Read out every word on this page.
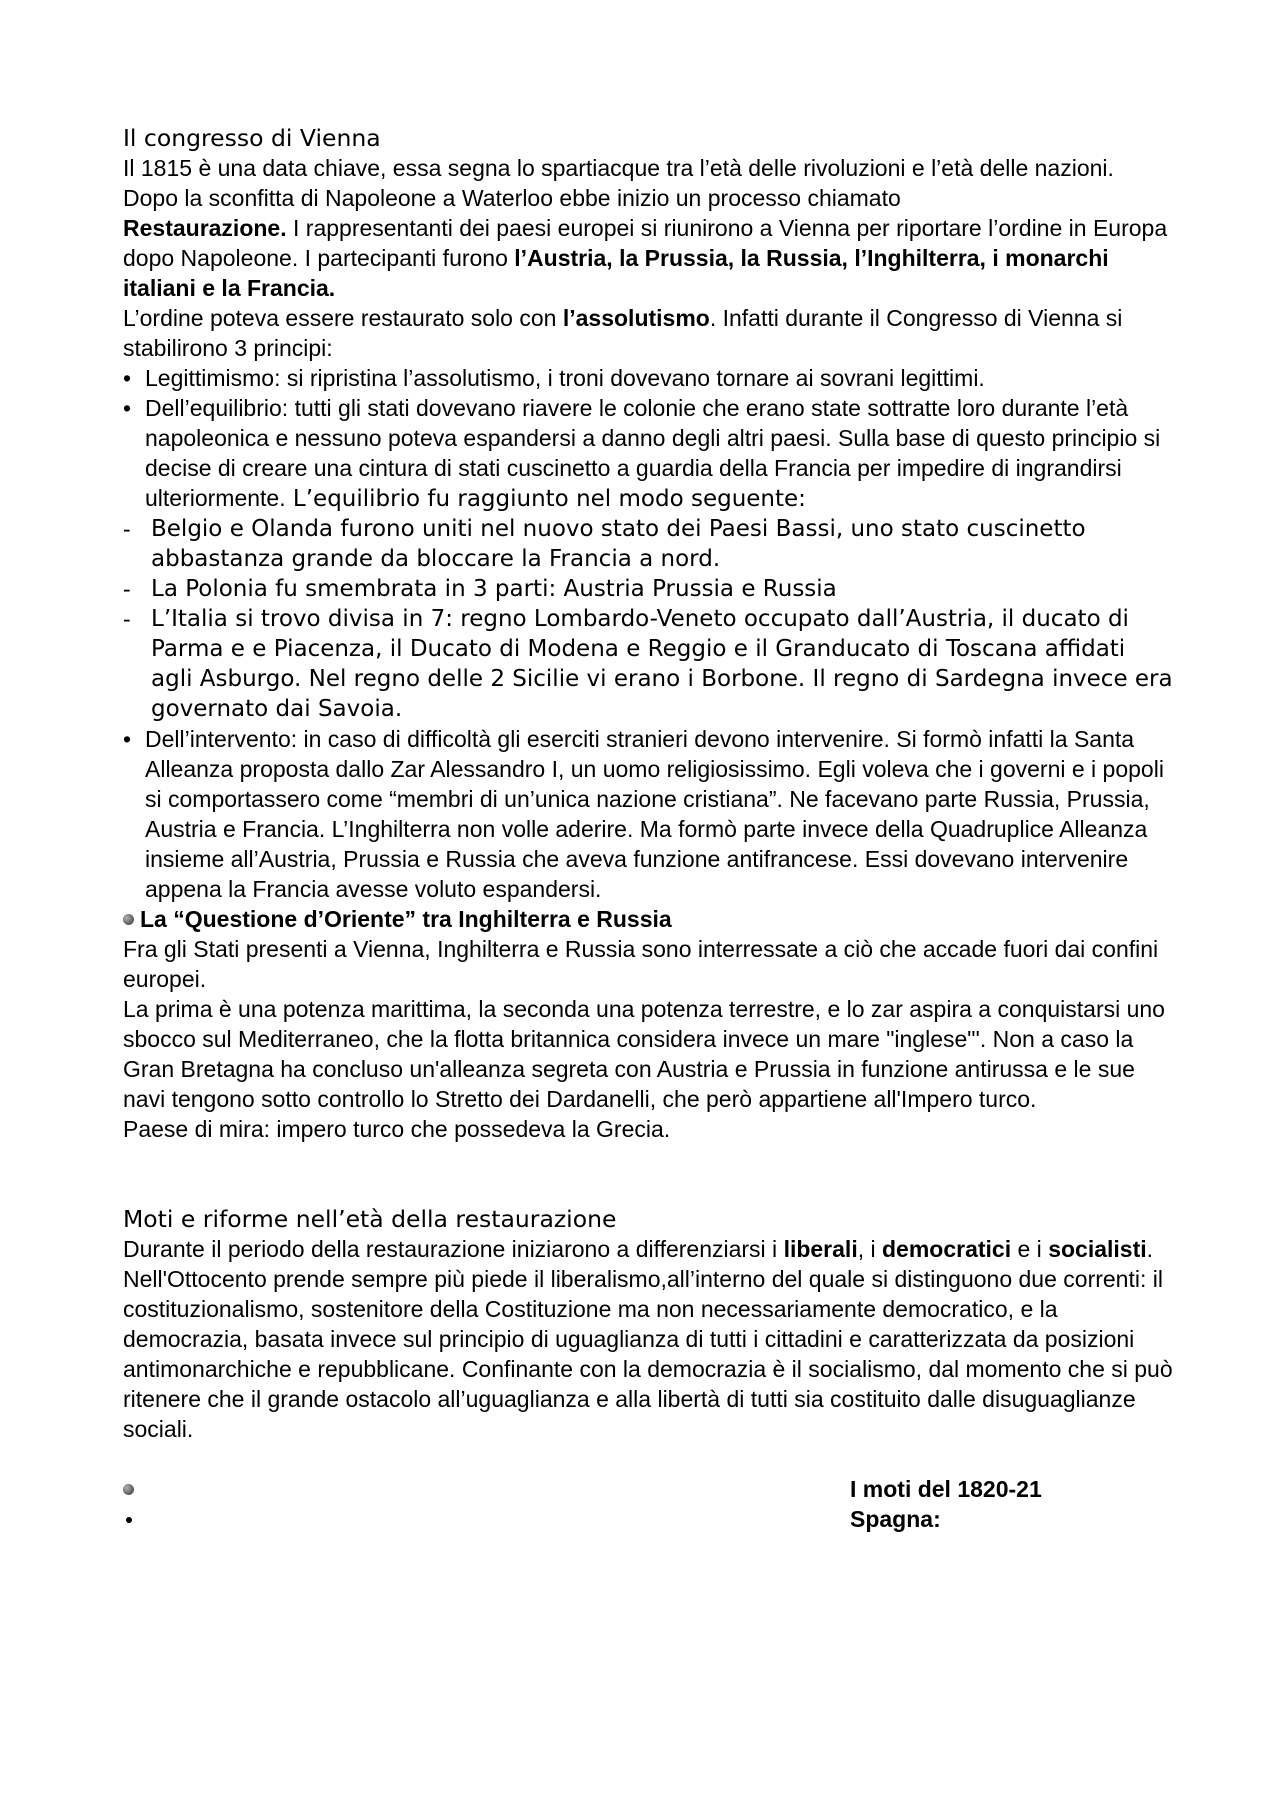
Il congresso di Vienna

Il 1815 è una data chiave, essa segna lo spartiacque tra l’età delle rivoluzioni e l’età delle nazioni.

Dopo la sconfitta di Napoleone a Waterloo ebbe inizio un processo chiamato
Restaurazione. I rappresentanti dei paesi europei si riunirono a Vienna per riportare l’ordine in Europa dopo Napoleone. I partecipanti furono l’Austria, la Prussia, la Russia, l’Inghilterra, i monarchi italiani e la Francia.

L’ordine poteva essere restaurato solo con l’assolutismo. Infatti durante il Congresso di Vienna si stabilirono 3 principi:

• Legittimismo: si ripristina l’assolutismo, i troni dovevano tornare ai sovrani legittimi.

• Dell’equilibrio: tutti gli stati dovevano riavere le colonie che erano state sottratte loro durante l’età napoleonica e nessuno poteva espandersi a danno degli altri paesi. Sulla base di questo principio si decise di creare una cintura di stati cuscinetto a guardia della Francia per impedire di ingrandirsi ulteriormente. L’equilibrio fu raggiunto nel modo seguente:

- Belgio e Olanda furono uniti nel nuovo stato dei Paesi Bassi, uno stato cuscinetto abbastanza grande da bloccare la Francia a nord.

- La Polonia fu smembrata in 3 parti: Austria Prussia e Russia

- L’Italia si trovo divisa in 7: regno Lombardo-Veneto occupato dall’Austria, il ducato di Parma e e Piacenza, il Ducato di Modena e Reggio e il Granducato di Toscana affidati agli Asburgo. Nel regno delle 2 Sicilie vi erano i Borbone. Il regno di Sardegna invece era governato dai Savoia.

• Dell’intervento: in caso di difficoltà gli eserciti stranieri devono intervenire. Si formò infatti la Santa Alleanza proposta dallo Zar Alessandro I, un uomo religiosissimo. Egli voleva che i governi e i popoli si comportassero come “membri di un’unica nazione cristiana”. Ne facevano parte Russia, Prussia, Austria e Francia. L’Inghilterra non volle aderire. Ma formò parte invece della Quadruplice Alleanza insieme all’Austria, Prussia e Russia che aveva funzione antifrancese. Essi dovevano intervenire appena la Francia avesse voluto espandersi.

La “Questione d’Oriente” tra Inghilterra e Russia

Fra gli Stati presenti a Vienna, Inghilterra e Russia sono interressate a ciò che accade fuori dai confini europei.

La prima è una potenza marittima, la seconda una potenza terrestre, e lo zar aspira a conquistarsi uno sbocco sul Mediterraneo, che la flotta britannica considera invece un mare "inglese"'. Non a caso la Gran Bretagna ha concluso un'alleanza segreta con Austria e Prussia in funzione antirussa e le sue navi tengono sotto controllo lo Stretto dei Dardanelli, che però appartiene all'Impero turco.

Paese di mira: impero turco che possedeva la Grecia.

Moti e riforme nell’età della restaurazione

Durante il periodo della restaurazione iniziarono a differenziarsi i liberali, i democratici e i socialisti.

Nell'Ottocento prende sempre più piede il liberalismo,all’interno del quale si distinguono due correnti: il costituzionalismo, sostenitore della Costituzione ma non necessariamente democratico, e la democrazia, basata invece sul principio di uguaglianza di tutti i cittadini e caratterizzata da posizioni antimonarchiche e repubblicane. Confinante con la democrazia è il socialismo, dal momento che si può ritenere che il grande ostacolo all’uguaglianza e alla libertà di tutti sia costituito dalle disuguaglianze sociali.

I moti del 1820-21

Spagna:
